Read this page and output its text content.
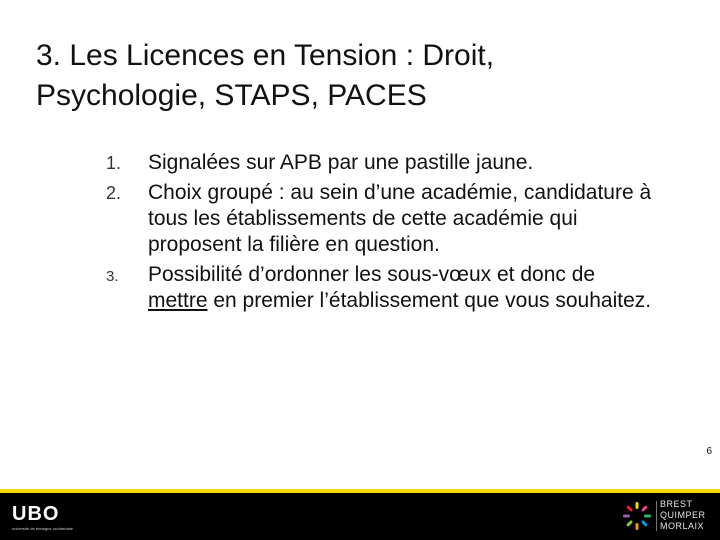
3. Les Licences en Tension : Droit,
Psychologie, STAPS, PACES
1. Signalées sur APB par une pastille jaune.
2. Choix groupé : au sein d’une académie, candidature à tous les établissements de cette académie qui proposent la filière en question.
3. Possibilité d’ordonner les sous-vœux et donc de mettre en premier l’établissement que vous souhaitez.
6
UBO
université de bretagne occidentale
BREST
QUIMPER
MORLAIX
